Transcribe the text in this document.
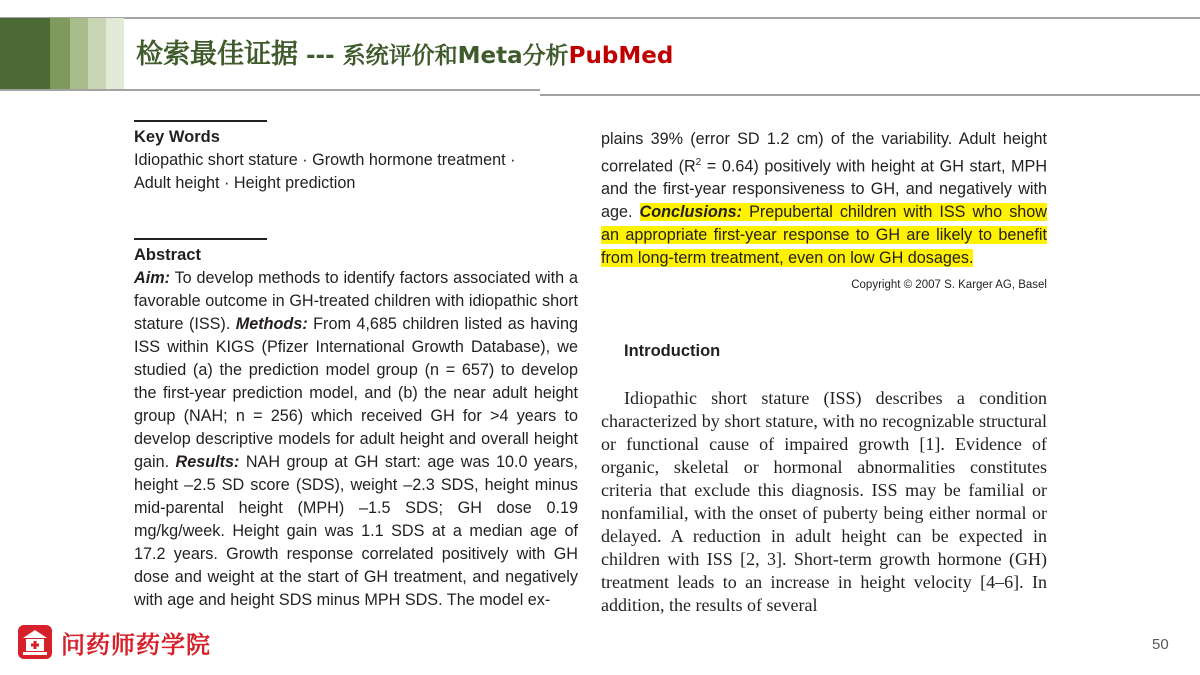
检索最佳证据 --- 系统评价和Meta分析PubMed
Key Words
Idiopathic short stature · Growth hormone treatment ·
Adult height · Height prediction
Abstract
Aim: To develop methods to identify factors associated with a favorable outcome in GH-treated children with idiopathic short stature (ISS). Methods: From 4,685 children listed as having ISS within KIGS (Pfizer International Growth Database), we studied (a) the prediction model group (n = 657) to develop the first-year prediction model, and (b) the near adult height group (NAH; n = 256) which received GH for >4 years to develop descriptive models for adult height and overall height gain. Results: NAH group at GH start: age was 10.0 years, height –2.5 SD score (SDS), weight –2.3 SDS, height minus mid-parental height (MPH) –1.5 SDS; GH dose 0.19 mg/kg/week. Height gain was 1.1 SDS at a median age of 17.2 years. Growth response correlated positively with GH dose and weight at the start of GH treatment, and negatively with age and height SDS minus MPH SDS. The model ex-
plains 39% (error SD 1.2 cm) of the variability. Adult height correlated $(R^2 = 0.64)$ positively with height at GH start, MPH and the first-year responsiveness to GH, and negatively with age. Conclusions: Prepubertal children with ISS who show an appropriate first-year response to GH are likely to benefit from long-term treatment, even on low GH dosages.
Copyright © 2007 S. Karger AG, Basel
Introduction
Idiopathic short stature (ISS) describes a condition characterized by short stature, with no recognizable structural or functional cause of impaired growth [1]. Evidence of organic, skeletal or hormonal abnormalities constitutes criteria that exclude this diagnosis. ISS may be familial or nonfamilial, with the onset of puberty being either normal or delayed. A reduction in adult height can be expected in children with ISS [2, 3]. Short-term growth hormone (GH) treatment leads to an increase in height velocity [4–6]. In addition, the results of several
问药师药学院	50
